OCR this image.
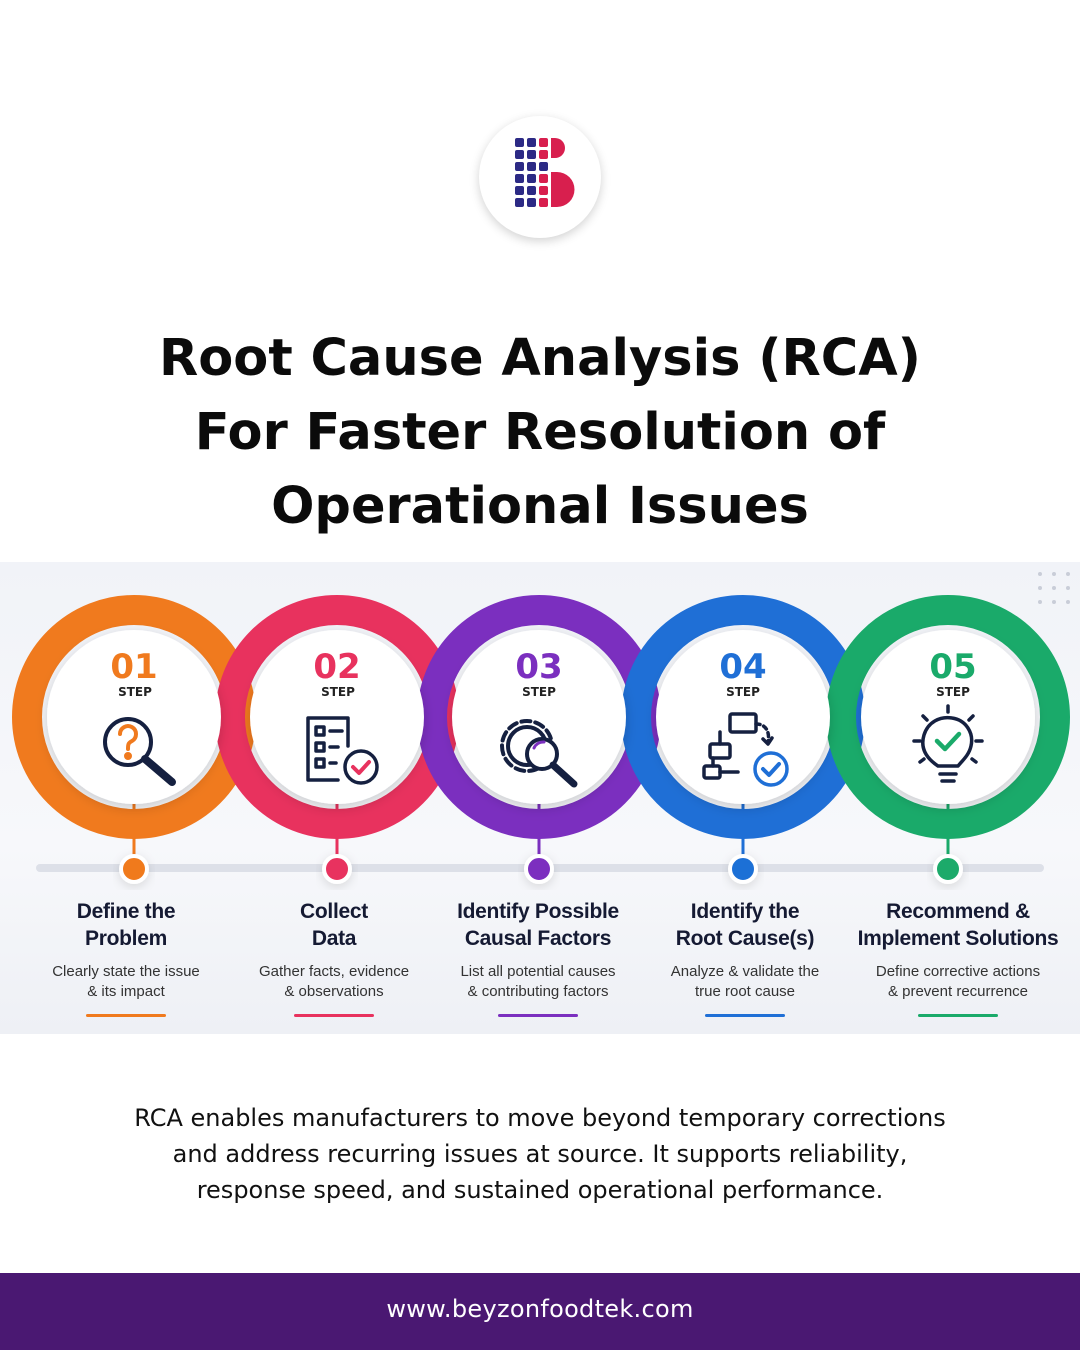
Root Cause Analysis (RCA)
For Faster Resolution of
Operational Issues
01	02	03	04	05
STEP	STEP	STEP	STEP	STEP

Define the
Problem

Clearly state the issue
& its impact

Collect
Data

Gather facts, evidence
& observations

Identify Possible
Causal Factors

List all potential causes
& contributing factors

Identify the
Root Cause(s)

Analyze & validate the
true root cause

Recommend &
Implement Solutions

Define corrective actions
& prevent recurrence

RCA enables manufacturers to move beyond temporary corrections
and address recurring issues at source. It supports reliability,
response speed, and sustained operational performance.

www.beyzonfoodtek.com
